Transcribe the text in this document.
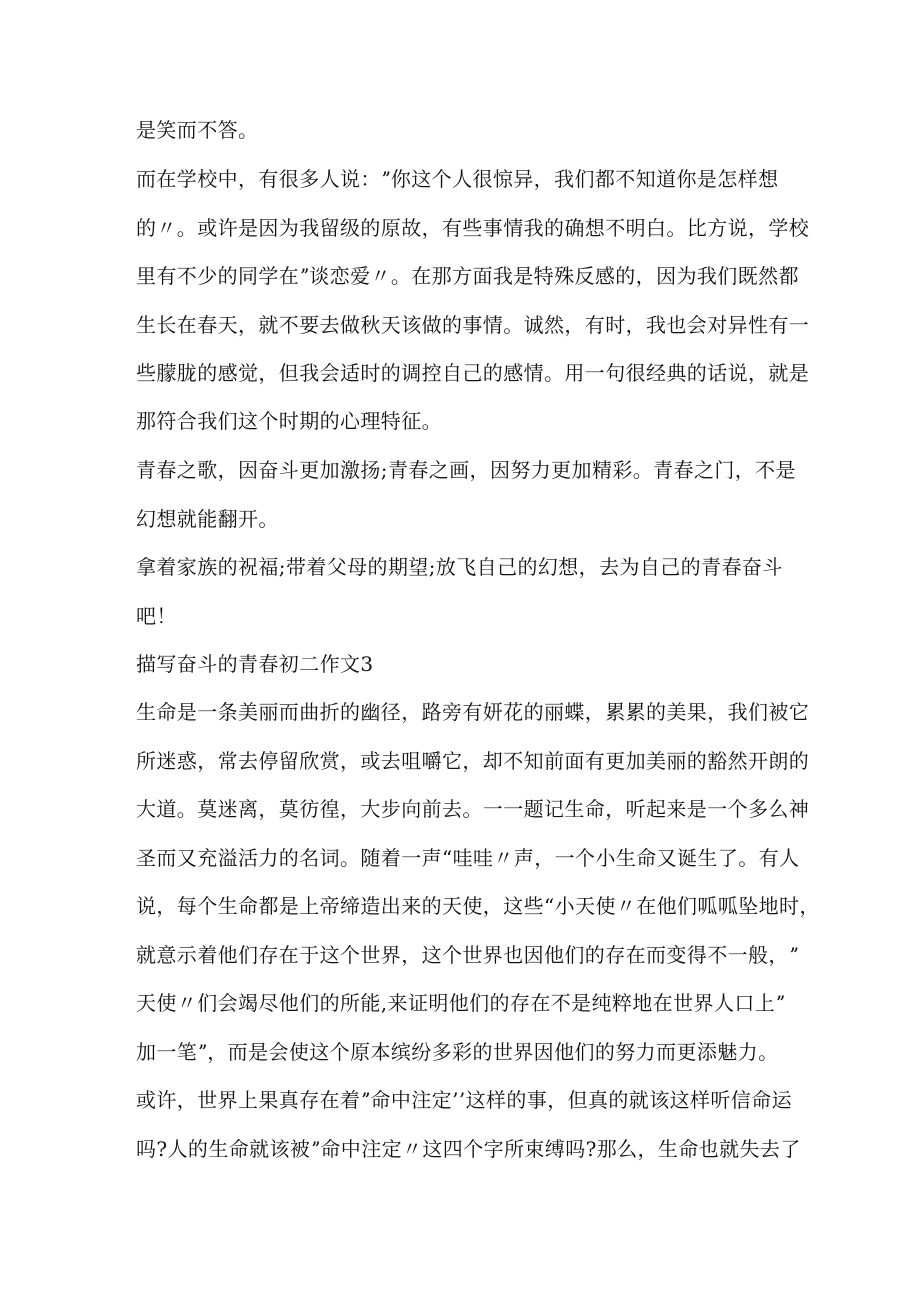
是笑而不答。
而在学校中，有很多人说：ˮ你这个人很惊异，我们都不知道你是怎样想
的〃。或许是因为我留级的原故，有些事情我的确想不明白。比方说，学校
里有不少的同学在ˮ谈恋爱〃。在那方面我是特殊反感的，因为我们既然都
生长在春天，就不要去做秋天该做的事情。诚然，有时，我也会对异性有一
些朦胧的感觉，但我会适时的调控自己的感情。用一句很经典的话说，就是
那符合我们这个时期的心理特征。
青春之歌，因奋斗更加激扬;青春之画，因努力更加精彩。青春之门，不是
幻想就能翻开。
拿着家族的祝福;带着父母的期望;放飞自己的幻想，去为自己的青春奋斗
吧！
描写奋斗的青春初二作文3
生命是一条美丽而曲折的幽径，路旁有妍花的丽蝶，累累的美果，我们被它
所迷惑，常去停留欣赏，或去咀嚼它，却不知前面有更加美丽的豁然开朗的
大道。莫迷离，莫彷徨，大步向前去。一一题记生命，听起来是一个多么神
圣而又充溢活力的名词。随着一声“哇哇〃声，一个小生命又诞生了。有人
说，每个生命都是上帝缔造出来的天使，这些“小天使〃在他们呱呱坠地时，
就意示着他们存在于这个世界，这个世界也因他们的存在而变得不一般，ˮ
天使〃们会竭尽他们的所能,来证明他们的存在不是纯粹地在世界人口上ˮ
加一笔ˮ，而是会使这个原本缤纷多彩的世界因他们的努力而更添魅力。
或许，世界上果真存在着ˮ命中注定’’这样的事，但真的就该这样听信命运
吗?人的生命就该被ˮ命中注定〃这四个字所束缚吗?那么，生命也就失去了
